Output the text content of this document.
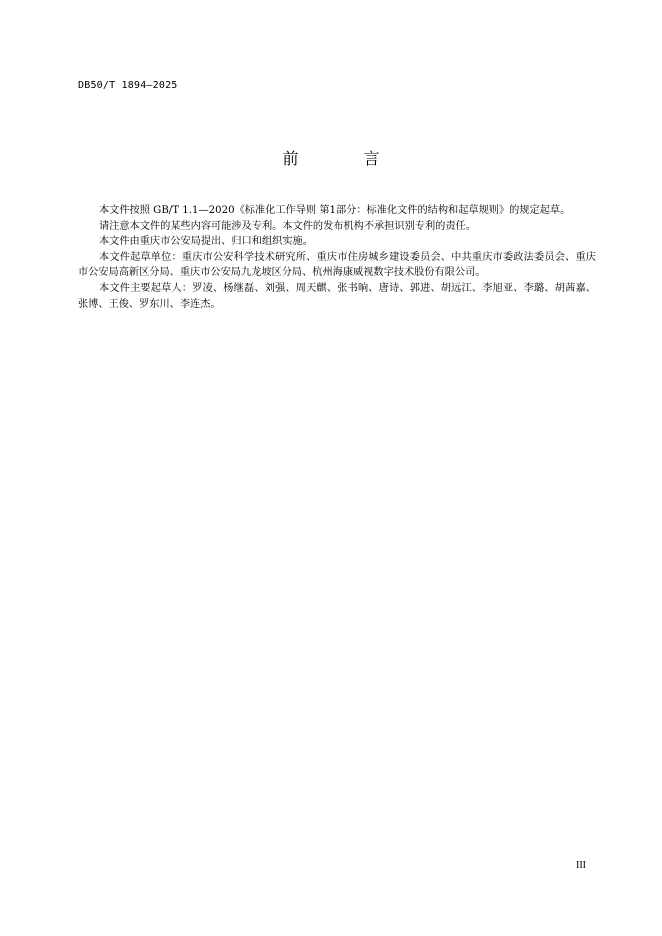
DB50/T 1894—2025
前 言

本文件按照 GB/T 1.1—2020《标准化工作导则 第1部分：标准化文件的结构和起草规则》的规定起草。

请注意本文件的某些内容可能涉及专利。本文件的发布机构不承担识别专利的责任。

本文件由重庆市公安局提出、归口和组织实施。

本文件起草单位：重庆市公安科学技术研究所、重庆市住房城乡建设委员会、中共重庆市委政法委员会、重庆市公安局高新区分局、重庆市公安局九龙坡区分局、杭州海康威视数字技术股份有限公司。

本文件主要起草人：罗凌、杨继磊、刘强、周天麒、张书晌、唐诗、郭进、胡远江、李旭亚、李璐、胡茜嘉、张博、王俊、罗东川、李连杰。

III
